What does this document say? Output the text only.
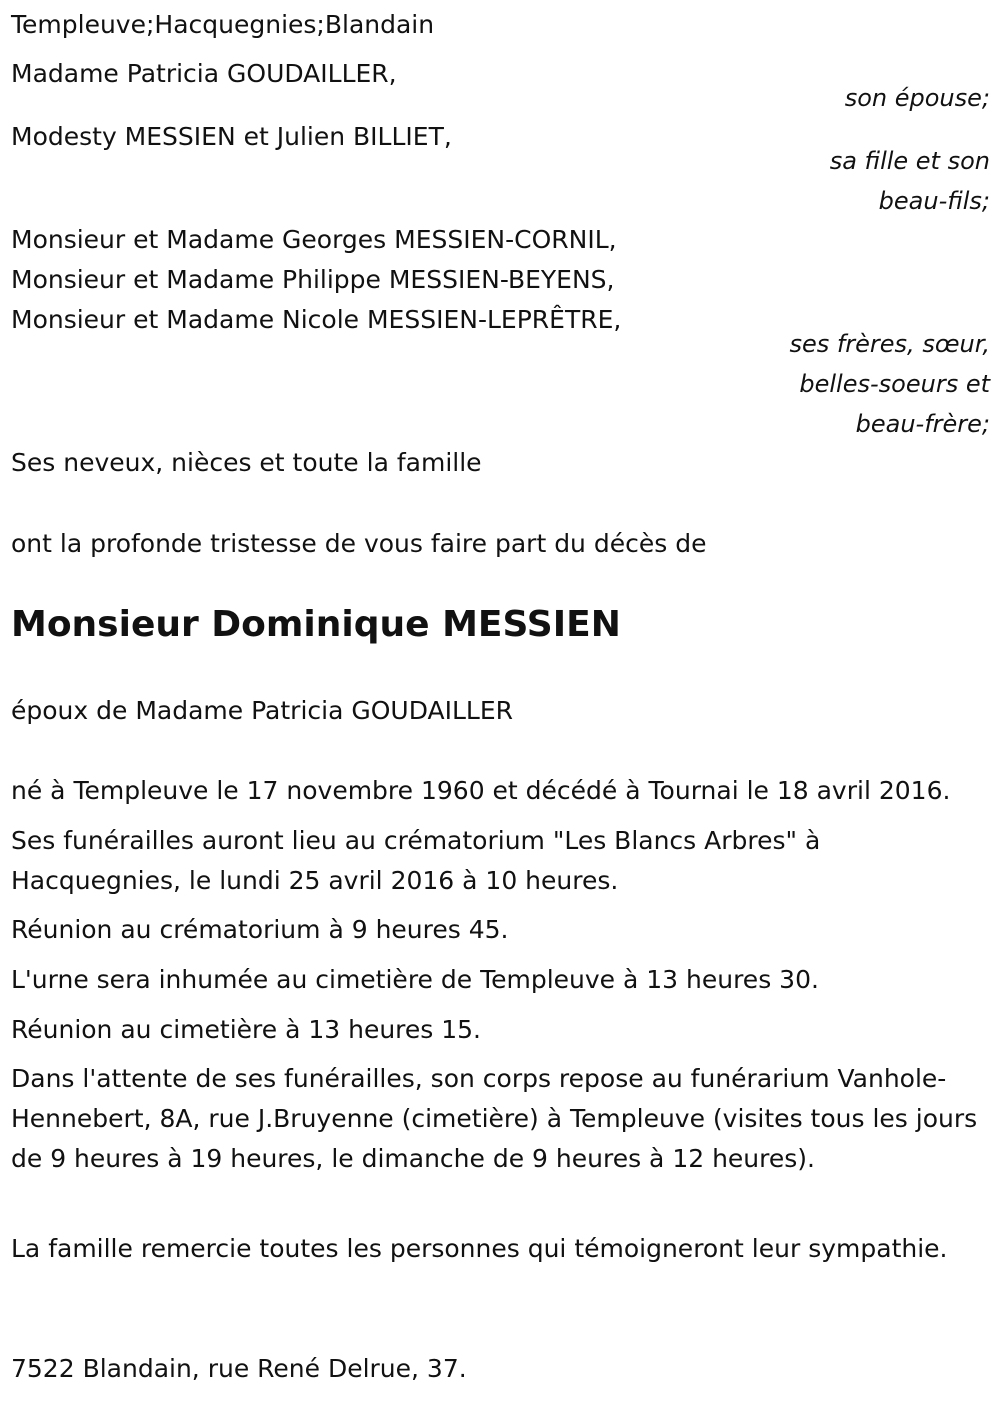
Templeuve;Hacquegnies;Blandain
Madame Patricia GOUDAILLER,
son épouse;
Modesty MESSIEN et Julien BILLIET,
sa fille et son
beau-fils;
Monsieur et Madame Georges MESSIEN-CORNIL,
Monsieur et Madame Philippe MESSIEN-BEYENS,
Monsieur et Madame Nicole MESSIEN-LEPRÊTRE,
ses frères, sœur,
belles-soeurs et
beau-frère;
Ses neveux, nièces et toute la famille
ont la profonde tristesse de vous faire part du décès de
Monsieur Dominique MESSIEN
époux de Madame Patricia GOUDAILLER
né à Templeuve le 17 novembre 1960 et décédé à Tournai le 18 avril 2016.
Ses funérailles auront lieu au crématorium "Les Blancs Arbres" à Hacquegnies, le lundi 25 avril 2016 à 10 heures.
Réunion au crématorium à 9 heures 45.
L'urne sera inhumée au cimetière de Templeuve à 13 heures 30.
Réunion au cimetière à 13 heures 15.
Dans l'attente de ses funérailles, son corps repose au funérarium Vanhole-Hennebert, 8A, rue J.Bruyenne (cimetière) à Templeuve (visites tous les jours de 9 heures à 19 heures, le dimanche de 9 heures à 12 heures).
La famille remercie toutes les personnes qui témoigneront leur sympathie.
7522 Blandain, rue René Delrue, 37.
